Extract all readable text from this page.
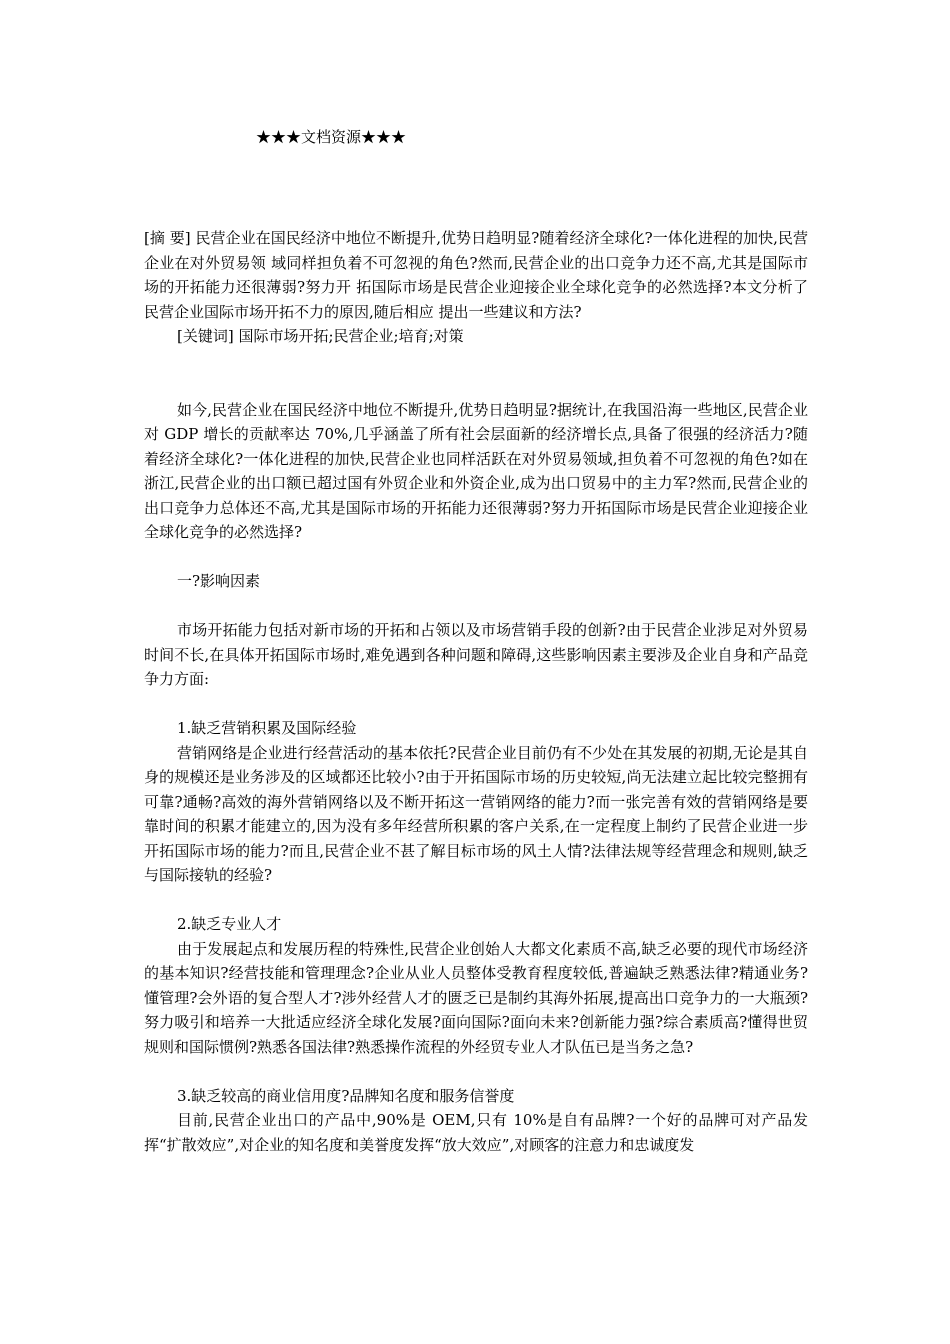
★★★文档资源★★★

[摘 要] 民营企业在国民经济中地位不断提升,优势日趋明显?随着经济全球化?一体化进程的加快,民营企业在对外贸易领 域同样担负着不可忽视的角色?然而,民营企业的出口竞争力还不高,尤其是国际市场的开拓能力还很薄弱?努力开 拓国际市场是民营企业迎接企业全球化竞争的必然选择?本文分析了民营企业国际市场开拓不力的原因,随后相应 提出一些建议和方法?

[关键词] 国际市场开拓;民营企业;培育;对策

如今,民营企业在国民经济中地位不断提升,优势日趋明显?据统计,在我国沿海一些地区,民营企业对 GDP 增长的贡献率达 70%,几乎涵盖了所有社会层面新的经济增长点,具备了很强的经济活力?随着经济全球化?一体化进程的加快,民营企业也同样活跃在对外贸易领域,担负着不可忽视的角色?如在浙江,民营企业的出口额已超过国有外贸企业和外资企业,成为出口贸易中的主力军?然而,民营企业的出口竞争力总体还不高,尤其是国际市场的开拓能力还很薄弱?努力开拓国际市场是民营企业迎接企业全球化竞争的必然选择?

一?影响因素

市场开拓能力包括对新市场的开拓和占领以及市场营销手段的创新?由于民营企业涉足对外贸易时间不长,在具体开拓国际市场时,难免遇到各种问题和障碍,这些影响因素主要涉及企业自身和产品竞争力方面:

1.缺乏营销积累及国际经验

营销网络是企业进行经营活动的基本依托?民营企业目前仍有不少处在其发展的初期,无论是其自身的规模还是业务涉及的区域都还比较小?由于开拓国际市场的历史较短,尚无法建立起比较完整拥有可靠?通畅?高效的海外营销网络以及不断开拓这一营销网络的能力?而一张完善有效的营销网络是要靠时间的积累才能建立的,因为没有多年经营所积累的客户关系,在一定程度上制约了民营企业进一步开拓国际市场的能力?而且,民营企业不甚了解目标市场的风土人情?法律法规等经营理念和规则,缺乏与国际接轨的经验?

2.缺乏专业人才

由于发展起点和发展历程的特殊性,民营企业创始人大都文化素质不高,缺乏必要的现代市场经济的基本知识?经营技能和管理理念?企业从业人员整体受教育程度较低,普遍缺乏熟悉法律?精通业务?懂管理?会外语的复合型人才?涉外经营人才的匮乏已是制约其海外拓展,提高出口竞争力的一大瓶颈?努力吸引和培养一大批适应经济全球化发展?面向国际?面向未来?创新能力强?综合素质高?懂得世贸规则和国际惯例?熟悉各国法律?熟悉操作流程的外经贸专业人才队伍已是当务之急?

3.缺乏较高的商业信用度?品牌知名度和服务信誉度

目前,民营企业出口的产品中,90%是 OEM,只有 10%是自有品牌?一个好的品牌可对产品发挥“扩散效应”,对企业的知名度和美誉度发挥“放大效应”,对顾客的注意力和忠诚度发
